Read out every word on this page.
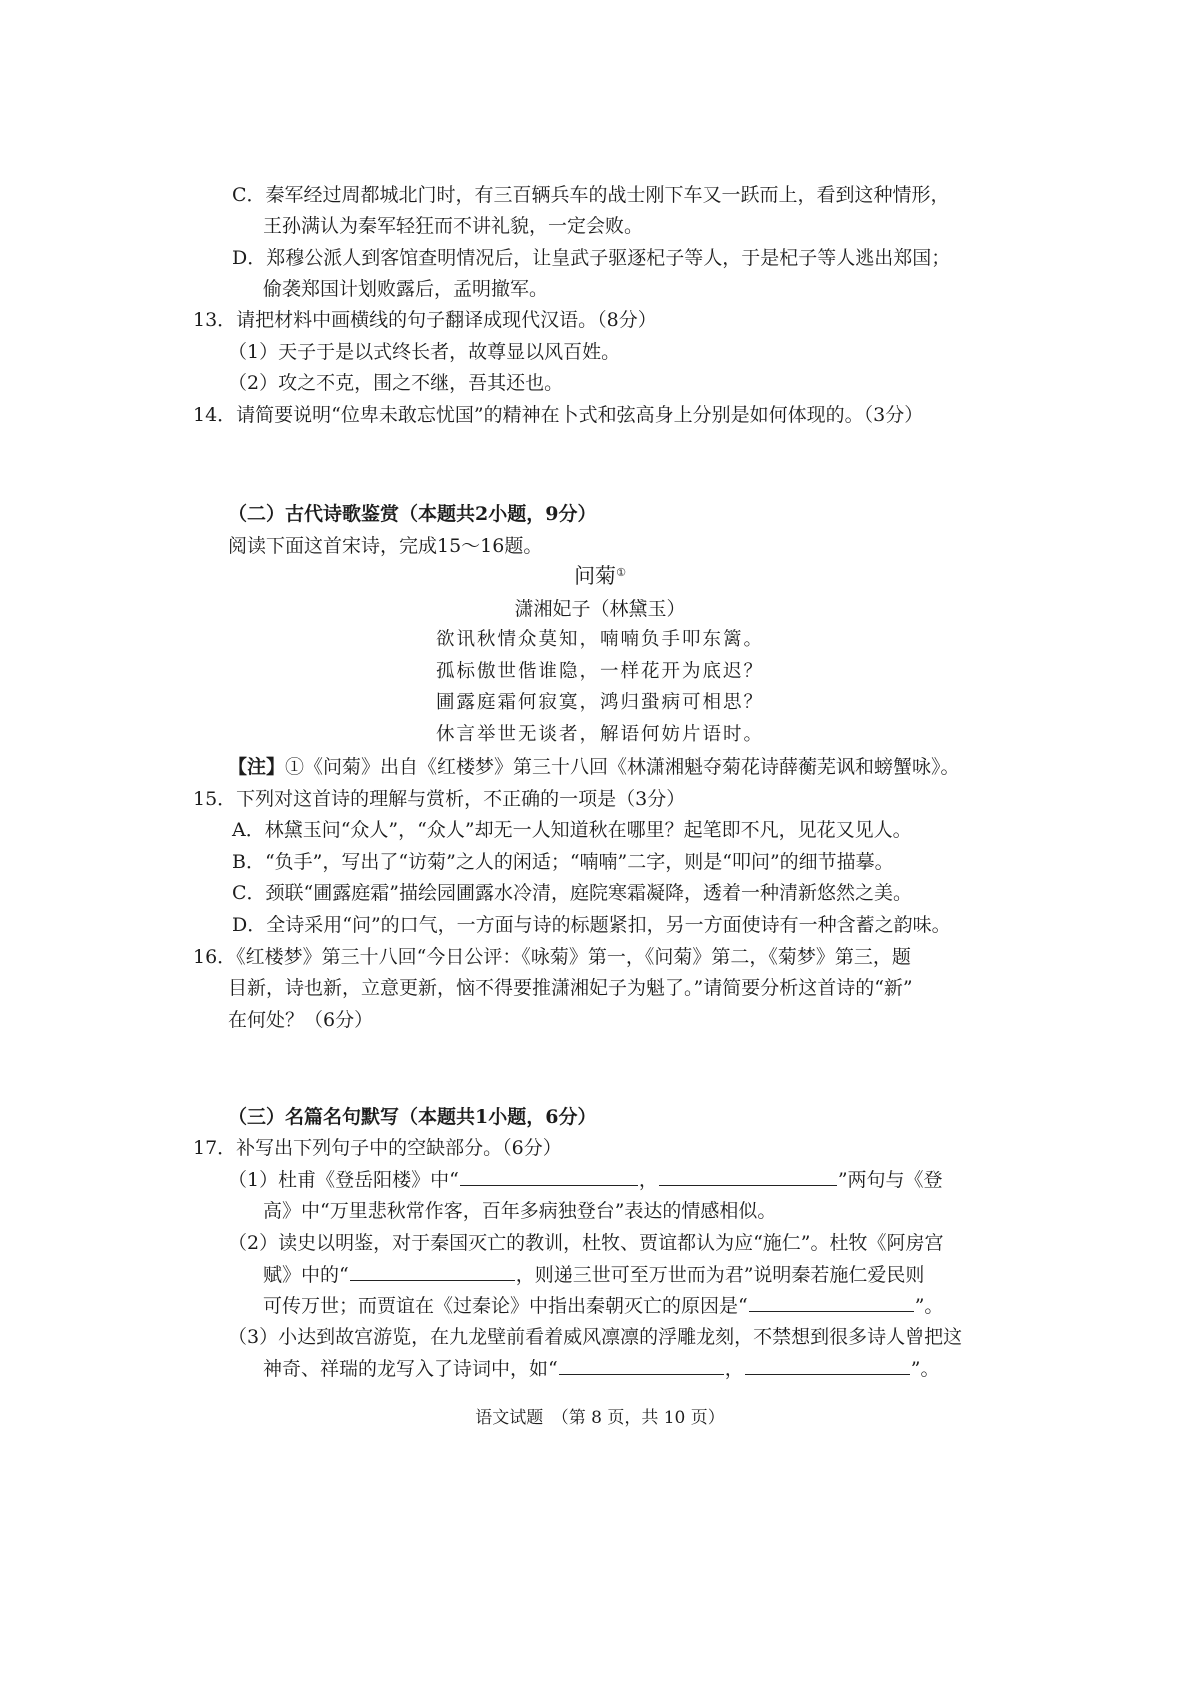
C．秦军经过周都城北门时，有三百辆兵车的战士刚下车又一跃而上，看到这种情形，
王孙满认为秦军轻狂而不讲礼貌，一定会败。
D．郑穆公派人到客馆查明情况后，让皇武子驱逐杞子等人，于是杞子等人逃出郑国；
偷袭郑国计划败露后，孟明撤军。
13．请把材料中画横线的句子翻译成现代汉语。（8分）
（1）天子于是以式终长者，故尊显以风百姓。
（2）攻之不克，围之不继，吾其还也。
14．请简要说明“位卑未敢忘忧国”的精神在卜式和弦高身上分别是如何体现的。（3分）
（二）古代诗歌鉴赏（本题共2小题，9分）
阅读下面这首宋诗，完成15～16题。
问菊①
潇湘妃子（林黛玉）
欲讯秋情众莫知，喃喃负手叩东篱。
孤标傲世偕谁隐，一样花开为底迟？
圃露庭霜何寂寞，鸿归蛩病可相思？
休言举世无谈者，解语何妨片语时。
【注】①《问菊》出自《红楼梦》第三十八回《林潇湘魁夺菊花诗薛蘅芜讽和螃蟹咏》。
15．下列对这首诗的理解与赏析，不正确的一项是（3分）
A．林黛玉问“众人”，“众人”却无一人知道秋在哪里？起笔即不凡，见花又见人。
B．“负手”，写出了“访菊”之人的闲适；“喃喃”二字，则是“叩问”的细节描摹。
C．颈联“圃露庭霜”描绘园圃露水冷清，庭院寒霜凝降，透着一种清新悠然之美。
D．全诗采用“问”的口气，一方面与诗的标题紧扣，另一方面使诗有一种含蓄之韵味。
16．《红楼梦》第三十八回“今日公评：《咏菊》第一，《问菊》第二，《菊梦》第三，题
目新，诗也新，立意更新，恼不得要推潇湘妃子为魁了。”请简要分析这首诗的“新”
在何处？（6分）
（三）名篇名句默写（本题共1小题，6分）
17．补写出下列句子中的空缺部分。（6分）
（1）杜甫《登岳阳楼》中“	，	”两句与《登
高》中“万里悲秋常作客，百年多病独登台”表达的情感相似。
（2）读史以明鉴，对于秦国灭亡的教训，杜牧、贾谊都认为应“施仁”。杜牧《阿房宫
赋》中的“	，则递三世可至万世而为君”说明秦若施仁爱民则
可传万世；而贾谊在《过秦论》中指出秦朝灭亡的原因是“	”。
（3）小达到故宫游览，在九龙壁前看着威风凛凛的浮雕龙刻，不禁想到很多诗人曾把这
神奇、祥瑞的龙写入了诗词中，如“	，	”。
语文试题　（第 8 页，共 10 页）
